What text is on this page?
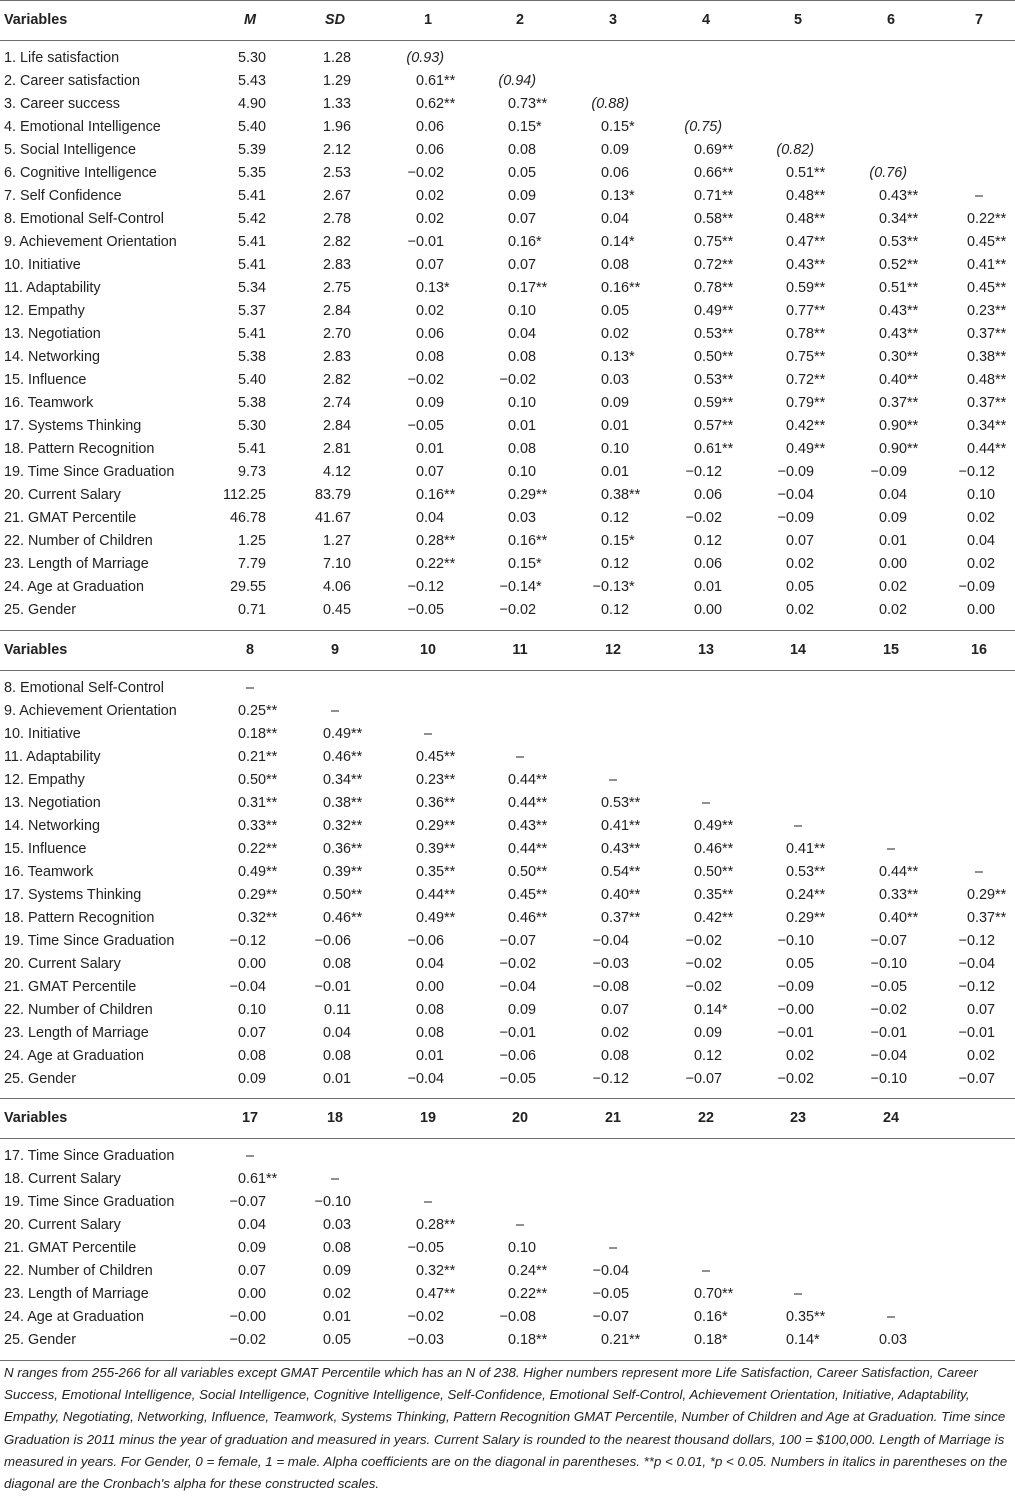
Variables	M	SD	1	2	3	4	5	6	7
1. Life satisfaction	5.30	1.28	(0.93)
2. Career satisfaction	5.43	1.29	0.61**	(0.94)
3. Career success	4.90	1.33	0.62**	0.73**	(0.88)
4. Emotional Intelligence	5.40	1.96	0.06	0.15*	0.15*	(0.75)
5. Social Intelligence	5.39	2.12	0.06	0.08	0.09	0.69**	(0.82)
6. Cognitive Intelligence	5.35	2.53	−0.02	0.05	0.06	0.66**	0.51**	(0.76)
7. Self Confidence	5.41	2.67	0.02	0.09	0.13*	0.71**	0.48**	0.43**	–
8. Emotional Self-Control	5.42	2.78	0.02	0.07	0.04	0.58**	0.48**	0.34**	0.22**
9. Achievement Orientation	5.41	2.82	−0.01	0.16*	0.14*	0.75**	0.47**	0.53**	0.45**
10. Initiative	5.41	2.83	0.07	0.07	0.08	0.72**	0.43**	0.52**	0.41**
11. Adaptability	5.34	2.75	0.13*	0.17**	0.16**	0.78**	0.59**	0.51**	0.45**
12. Empathy	5.37	2.84	0.02	0.10	0.05	0.49**	0.77**	0.43**	0.23**
13. Negotiation	5.41	2.70	0.06	0.04	0.02	0.53**	0.78**	0.43**	0.37**
14. Networking	5.38	2.83	0.08	0.08	0.13*	0.50**	0.75**	0.30**	0.38**
15. Influence	5.40	2.82	−0.02	−0.02	0.03	0.53**	0.72**	0.40**	0.48**
16. Teamwork	5.38	2.74	0.09	0.10	0.09	0.59**	0.79**	0.37**	0.37**
17. Systems Thinking	5.30	2.84	−0.05	0.01	0.01	0.57**	0.42**	0.90**	0.34**
18. Pattern Recognition	5.41	2.81	0.01	0.08	0.10	0.61**	0.49**	0.90**	0.44**
19. Time Since Graduation	9.73	4.12	0.07	0.10	0.01	−0.12	−0.09	−0.09	−0.12
20. Current Salary	112.25	83.79	0.16**	0.29**	0.38**	0.06	−0.04	0.04	0.10
21. GMAT Percentile	46.78	41.67	0.04	0.03	0.12	−0.02	−0.09	0.09	0.02
22. Number of Children	1.25	1.27	0.28**	0.16**	0.15*	0.12	0.07	0.01	0.04
23. Length of Marriage	7.79	7.10	0.22**	0.15*	0.12	0.06	0.02	0.00	0.02
24. Age at Graduation	29.55	4.06	−0.12	−0.14*	−0.13*	0.01	0.05	0.02	−0.09
25. Gender	0.71	0.45	−0.05	−0.02	0.12	0.00	0.02	0.02	0.00
Variables	8	9	10	11	12	13	14	15	16
8. Emotional Self-Control	–
9. Achievement Orientation	0.25**	–
10. Initiative	0.18**	0.49**	–
11. Adaptability	0.21**	0.46**	0.45**	–
12. Empathy	0.50**	0.34**	0.23**	0.44**	–
13. Negotiation	0.31**	0.38**	0.36**	0.44**	0.53**	–
14. Networking	0.33**	0.32**	0.29**	0.43**	0.41**	0.49**	–
15. Influence	0.22**	0.36**	0.39**	0.44**	0.43**	0.46**	0.41**	–
16. Teamwork	0.49**	0.39**	0.35**	0.50**	0.54**	0.50**	0.53**	0.44**	–
17. Systems Thinking	0.29**	0.50**	0.44**	0.45**	0.40**	0.35**	0.24**	0.33**	0.29**
18. Pattern Recognition	0.32**	0.46**	0.49**	0.46**	0.37**	0.42**	0.29**	0.40**	0.37**
19. Time Since Graduation	−0.12	−0.06	−0.06	−0.07	−0.04	−0.02	−0.10	−0.07	−0.12
20. Current Salary	0.00	0.08	0.04	−0.02	−0.03	−0.02	0.05	−0.10	−0.04
21. GMAT Percentile	−0.04	−0.01	0.00	−0.04	−0.08	−0.02	−0.09	−0.05	−0.12
22. Number of Children	0.10	0.11	0.08	0.09	0.07	0.14*	−0.00	−0.02	0.07
23. Length of Marriage	0.07	0.04	0.08	−0.01	0.02	0.09	−0.01	−0.01	−0.01
24. Age at Graduation	0.08	0.08	0.01	−0.06	0.08	0.12	0.02	−0.04	0.02
25. Gender	0.09	0.01	−0.04	−0.05	−0.12	−0.07	−0.02	−0.10	−0.07
Variables	17	18	19	20	21	22	23	24
17. Time Since Graduation	–
18. Current Salary	0.61**	–
19. Time Since Graduation	−0.07	−0.10	–
20. Current Salary	0.04	0.03	0.28**	–
21. GMAT Percentile	0.09	0.08	−0.05	0.10	–
22. Number of Children	0.07	0.09	0.32**	0.24**	−0.04	–
23. Length of Marriage	0.00	0.02	0.47**	0.22**	−0.05	0.70**	–
24. Age at Graduation	−0.00	0.01	−0.02	−0.08	−0.07	0.16*	0.35**	–
25. Gender	−0.02	0.05	−0.03	0.18**	0.21**	0.18*	0.14*	0.03
N ranges from 255-266 for all variables except GMAT Percentile which has an N of 238. Higher numbers represent more Life Satisfaction, Career Satisfaction, Career Success, Emotional Intelligence, Social Intelligence, Cognitive Intelligence, Self-Confidence, Emotional Self-Control, Achievement Orientation, Initiative, Adaptability, Empathy, Negotiating, Networking, Influence, Teamwork, Systems Thinking, Pattern Recognition GMAT Percentile, Number of Children and Age at Graduation. Time since Graduation is 2011 minus the year of graduation and measured in years. Current Salary is rounded to the nearest thousand dollars, 100 = $100,000. Length of Marriage is measured in years. For Gender, 0 = female, 1 = male. Alpha coefficients are on the diagonal in parentheses. **p < 0.01, *p < 0.05. Numbers in italics in parentheses on the diagonal are the Cronbach's alpha for these constructed scales.
